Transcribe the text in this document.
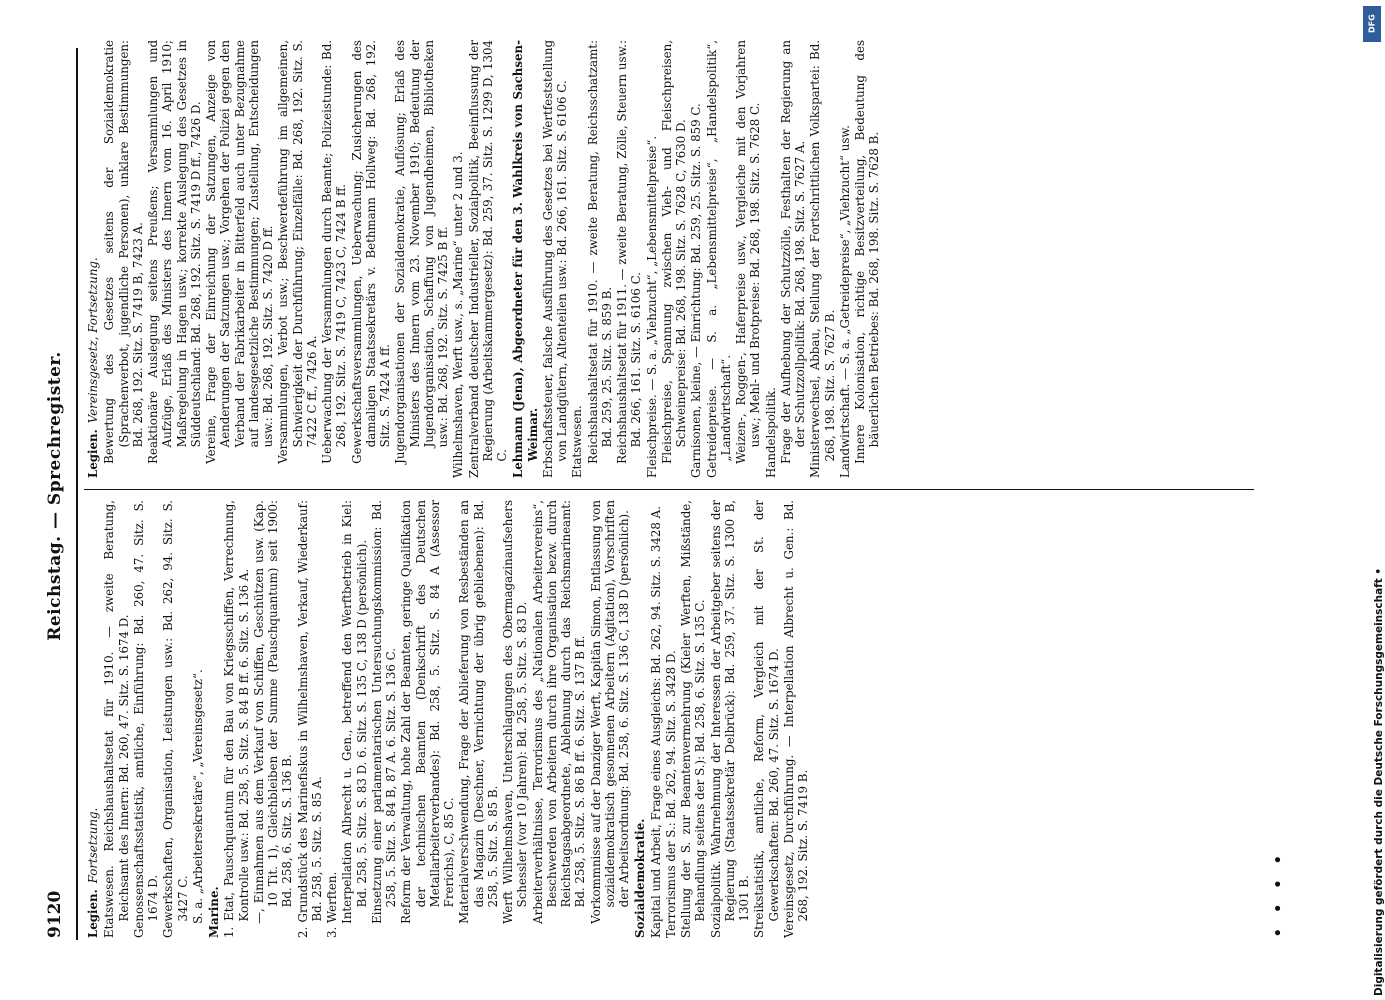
9120
Reichstag. — Sprechregister.
Legien.Fortsetzung. Etatswesen. Reichshaushaltsetat für 1910. — zweite Beratung, Reichsamt des Innern: Bd. 260, 47. Sitz. S. 1674 D. Genossenschaftsstatistik, amtliche, Einführung: Bd. 260, 47. Sitz. S. 1674 D. Gewerkschaften, Organisation, Leistungen usw.: Bd. 262, 94. Sitz. S. 3427 C. S. a. „Arbeitersekretäre“, „Vereinsgesetz“. Marine. 1. Etat, Pauschquantum für den Bau von Kriegsschiffen, Verrechnung, Kontrolle usw.: Bd. 258, 5. Sitz. S. 84 B ff. 6. Sitz. S. 136 A. —, Einnahmen aus dem Verkauf von Schiffen, Geschützen usw. (Kap. 10 Tit. 1), Gleichbleiben der Summe (Pauschquantum) seit 1900: Bd. 258, 6. Sitz. S. 136 B. 2. Grundstück des Marinefiskus in Wilhelmshaven, Verkauf, Wiederkauf: Bd. 258, 5. Sitz. S. 85 A. 3. Werften. Interpellation Albrecht u. Gen., betreffend den Werftbetrieb in Kiel: Bd. 258, 5. Sitz. S. 83 D. 6. Sitz. S. 135 C, 138 D (persönlich). Einsetzung einer parlamentarischen Untersuchungskommission: Bd. 258, 5. Sitz. S. 84 B, 87 A. 6. Sitz. S. 136 C. Reform der Verwaltung, hohe Zahl der Beamten, geringe Qualifikation der technischen Beamten (Denkschrift des Deutschen Metallarbeiterverbandes): Bd. 258, 5. Sitz. S. 84 A (Assessor Frerichs), C, 85 C. Materialverschwendung, Frage der Ablieferung von Resbeständen an das Magazin (Deschner, Vernichtung der übrig gebliebenen): Bd. 258, 5. Sitz. S. 85 B. Werft Wilhelmshaven, Unterschlagungen des Obermagazinaufsehers Schessler (vor 10 Jahren): Bd. 258, 5. Sitz. S. 83 D. Arbeiterverhältnisse, Terrorismus des „Nationalen Arbeitervereins“, Beschwerden von Arbeitern durch ihre Organisation bezw. durch Reichstagsabgeordnete, Ablehnung durch das Reichsmarineamt: Bd. 258, 5. Sitz. S. 86 B ff. 6. Sitz. S. 137 B ff. Vorkommnisse auf der Danziger Werft, Kapitän Simon, Entlassung von sozialdemokratisch gesonnenen Arbeitern (Agitation), Vorschriften der Arbeitsordnung: Bd. 258, 6. Sitz. S. 136 C, 138 D (persönlich). Sozialdemokratie. Kapital und Arbeit, Frage eines Ausgleichs: Bd. 262, 94. Sitz. S. 3428 A. Terrorismus der S.: Bd. 262, 94. Sitz. S. 3428 D. Stellung der S. zur Beamtenvermehrung (Kieler Werften, Mißstände, Behandlung seitens der S.): Bd. 258, 6. Sitz. S. 135 C. Sozialpolitik. Wahrnehmung der Interessen der Arbeitgeber seitens der Regierung (Staatssekretär Delbrück): Bd. 259, 37. Sitz. S. 1300 B, 1301 B. Streikstatistik, amtliche, Reform, Vergleich mit der St. der Gewerkschaften: Bd. 260, 47. Sitz. S. 1674 D. Vereinsgesetz, Durchführung. — Interpellation Albrecht u. Gen.: Bd. 268, 192. Sitz. S. 7419 B.
Legien.Vereinsgesetz, Fortsetzung. Bewertung des Gesetzes seitens der Sozialdemokratie (Sprachenverbot, jugendliche Personen), unklare Bestimmungen: Bd. 268, 192. Sitz. S. 7419 B, 7423 A. Reaktionäre Auslegung seitens Preußens; Versammlungen und Aufzüge, Erlaß des Ministers des Innern vom 16. April 1910; Maßregelung in Hagen usw.; korrekte Auslegung des Gesetzes in Süddeutschland: Bd. 268, 192. Sitz. S. 7419 D ff., 7426 D. Vereine, Frage der Einreichung der Satzungen, Anzeige von Aenderungen der Satzungen usw.; Vorgehen der Polizei gegen den Verband der Fabrikarbeiter in Bitterfeld auch unter Bezugnahme auf landesgesetzliche Bestimmungen; Zustellung, Entscheidungen usw.: Bd. 268, 192. Sitz. S. 7420 D ff. Versammlungen, Verbot usw.; Beschwerdeführung im allgemeinen, Schwierigkeit der Durchführung; Einzelfälle: Bd. 268, 192. Sitz. S. 7422 C ff., 7426 A. Ueberwachung der Versammlungen durch Beamte; Polizeistunde: Bd. 268, 192. Sitz. S. 7419 C, 7423 C, 7424 B ff. Gewerkschaftsversammlungen, Ueberwachung; Zusicherungen des damaligen Staatssekretärs v. Bethmann Hollweg: Bd. 268, 192. Sitz. S. 7424 A ff. Jugendorganisationen der Sozialdemokratie, Auflösung; Erlaß des Ministers des Innern vom 23. November 1910; Bedeutung der Jugendorganisation, Schaffung von Jugendheimen, Bibliotheken usw.: Bd. 268, 192. Sitz. S. 7425 B ff. Wilhelmshaven, Werft usw., s. „Marine“ unter 2 und 3. Zentralverband deutscher Industrieller, Sozialpolitik, Beeinflussung der Regierung (Arbeitskammergesetz): Bd. 259, 37. Sitz. S. 1299 D, 1304 C. Lehmann (Jena), Abgeordneter für den 3. Wahlkreis von Sachsen-Weimar. Erbschaftssteuer, falsche Ausführung des Gesetzes bei Wertfeststellung von Landgütern, Altenteilen usw.: Bd. 266, 161. Sitz. S. 6106 C. Etatswesen. Reichshaushaltsetat für 1910. — zweite Beratung, Reichsschatzamt: Bd. 259, 25. Sitz. S. 859 B. Reichshaushaltsetat für 1911. — zweite Beratung, Zölle, Steuern usw.: Bd. 266, 161. Sitz. S. 6106 C. Fleischpreise. — S. a. „Viehzucht“, „Lebensmittelpreise“. Fleischpreise, Spannung zwischen Vieh- und Fleischpreisen, Schweinepreise: Bd. 268, 198. Sitz. S. 7628 C, 7630 D. Garnisonen, kleine, — Einrichtung: Bd. 259, 25. Sitz. S. 859 C. Getreidepreise. — S. a. „Lebensmittelpreise“, „Handelspolitik“, „Landwirtschaft“. Weizen-, Roggen-, Haferpreise usw., Vergleiche mit den Vorjahren usw.; Mehl- und Brotpreise: Bd. 268, 198. Sitz. S. 7628 C. Handelspolitik. Frage der Aufhebung der Schutzzölle, Festhalten der Regierung an der Schutzzollpolitik: Bd. 268, 198. Sitz. S. 7627 A. Ministerwechsel, Abbau, Stellung der Fortschrittlichen Volkspartei: Bd. 268, 198. Sitz. S. 7627 B. Landwirtschaft. — S. a. „Getreidepreise“, „Viehzucht“ usw. Innere Kolonisation, richtige Besitzverteilung, Bedeutung des bäuerlichen Betriebes: Bd. 268, 198. Sitz. S. 7628 B.
• • • •
DFG
Digitalisierung gefördert durch die Deutsche Forschungsgemeinschaft •
